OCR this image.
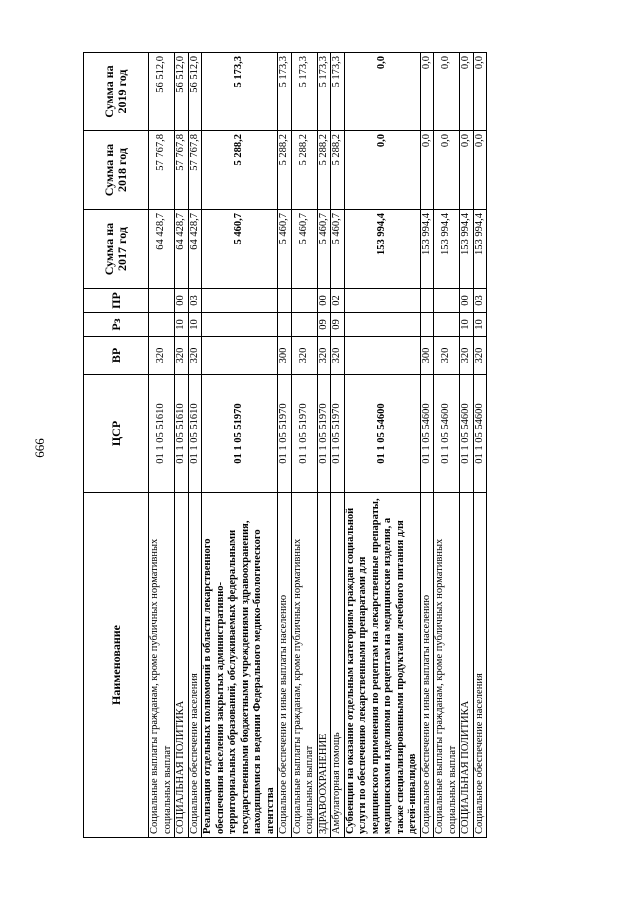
666
Наименование	ЦСР	ВР	Рз	ПР	Сумма на 2017 год	Сумма на 2018 год	Сумма на 2019 год
Социальные выплаты гражданам, кроме публичных нормативных социальных выплат	01 1 05 51610	320			64 428,7	57 767,8	56 512,0
СОЦИАЛЬНАЯ ПОЛИТИКА	01 1 05 51610	320	10	00	64 428,7	57 767,8	56 512,0
Социальное обеспечение населения	01 1 05 51610	320	10	03	64 428,7	57 767,8	56 512,0
Реализация отдельных полномочий в области лекарственного обеспечения населения закрытых административно-территориальных образований, обслуживаемых федеральными государственными бюджетными учреждениями здравоохранения, находящимися в ведении Федерального медико-биологического агентства	01 1 05 51970				5 460,7	5 288,2	5 173,3
Социальное обеспечение и иные выплаты населению	01 1 05 51970	300			5 460,7	5 288,2	5 173,3
Социальные выплаты гражданам, кроме публичных нормативных социальных выплат	01 1 05 51970	320			5 460,7	5 288,2	5 173,3
ЗДРАВООХРАНЕНИЕ	01 1 05 51970	320	09	00	5 460,7	5 288,2	5 173,3
Амбулаторная помощь	01 1 05 51970	320	09	02	5 460,7	5 288,2	5 173,3
Субвенции на оказание отдельным категориям граждан социальной услуги по обеспечению лекарственными препаратами для медицинского применения по рецептам на лекарственные препараты, медицинскими изделиями по рецептам на медицинские изделия, а также специализированными продуктами лечебного питания для детей-инвалидов	01 1 05 54600				153 994,4	0,0	0,0
Социальное обеспечение и иные выплаты населению	01 1 05 54600	300			153 994,4	0,0	0,0
Социальные выплаты гражданам, кроме публичных нормативных социальных выплат	01 1 05 54600	320			153 994,4	0,0	0,0
СОЦИАЛЬНАЯ ПОЛИТИКА	01 1 05 54600	320	10	00	153 994,4	0,0	0,0
Социальное обеспечение населения	01 1 05 54600	320	10	03	153 994,4	0,0	0,0
